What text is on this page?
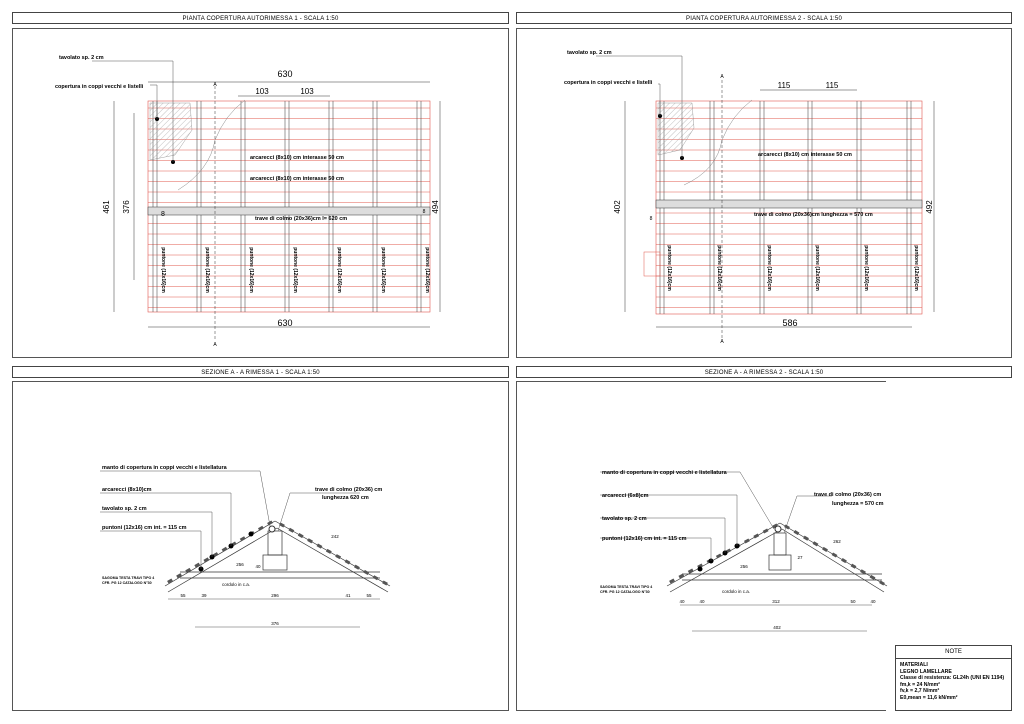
PIANTA COPERTURA AUTORIMESSA 1 - SCALA 1:50	PIANTA COPERTURA AUTORIMESSA 2 - SCALA 1:50
SEZIONE A - A RIMESSA 1 - SCALA 1:50	SEZIONE A - A RIMESSA 2 - SCALA 1:50
630
103	103
630
461 376	494
8	8
A
A
tavolato sp. 2 cm
copertura in coppi vecchi e listelli
arcarecci (8x10) cm interasse 50 cm
arcarecci (8x10) cm interasse 50 cm
trave di colmo (20x36)cm l= 620 cm
puntone (12x16)cm	puntone (12x16)cm	puntone (12x16)cm	puntone (12x16)cm	puntone (12x16)cm	puntone (12x16)cm	puntone (12x16)cm
115	115
586
402	492
8
A
A
tavolato sp. 2 cm
copertura in coppi vecchi e listelli
arcarecci (8x10) cm interasse 50 cm
trave di colmo (20x36)cm lunghezza = 570 cm
puntone (12x16)cm	puntone (12x16)cm	puntone (12x16)cm	puntone (12x16)cm	puntone (12x16)cm	puntone (12x16)cm
manto di copertura in coppi vecchi e listellatura
arcarecci (8x10)cm
tavolato sp. 2 cm
puntoni (12x16) cm int. = 115 cm
trave di colmo (20x36) cm
lunghezza 620 cm
SAGOMA TESTA TRAVI TIPO 4
CFR. PG 12 CATALOGO N°30	cordolo in c.a.
55	39	296	41	55
376
242
256	40
manto di copertura in coppi vecchi e listellatura
arcarecci (6x8)cm
tavolato sp. 2 cm
puntoni (12x16) cm int. = 115 cm
trave di colmo (20x36) cm
lunghezza = 570 cm
SAGOMA TESTA TRAVI TIPO 4
CFR. PG 12 CATALOGO N°30	cordolo in c.a.
40	40	312	50	40
402
262
256
27
NOTE
MATERIALI
LEGNO LAMELLARE
Classe di resistenza: GL24h (UNI EN 1194)
fm,k = 24 N/mm²
fv,k = 2,7 N/mm²
E0,mean = 11,6 kN/mm²
